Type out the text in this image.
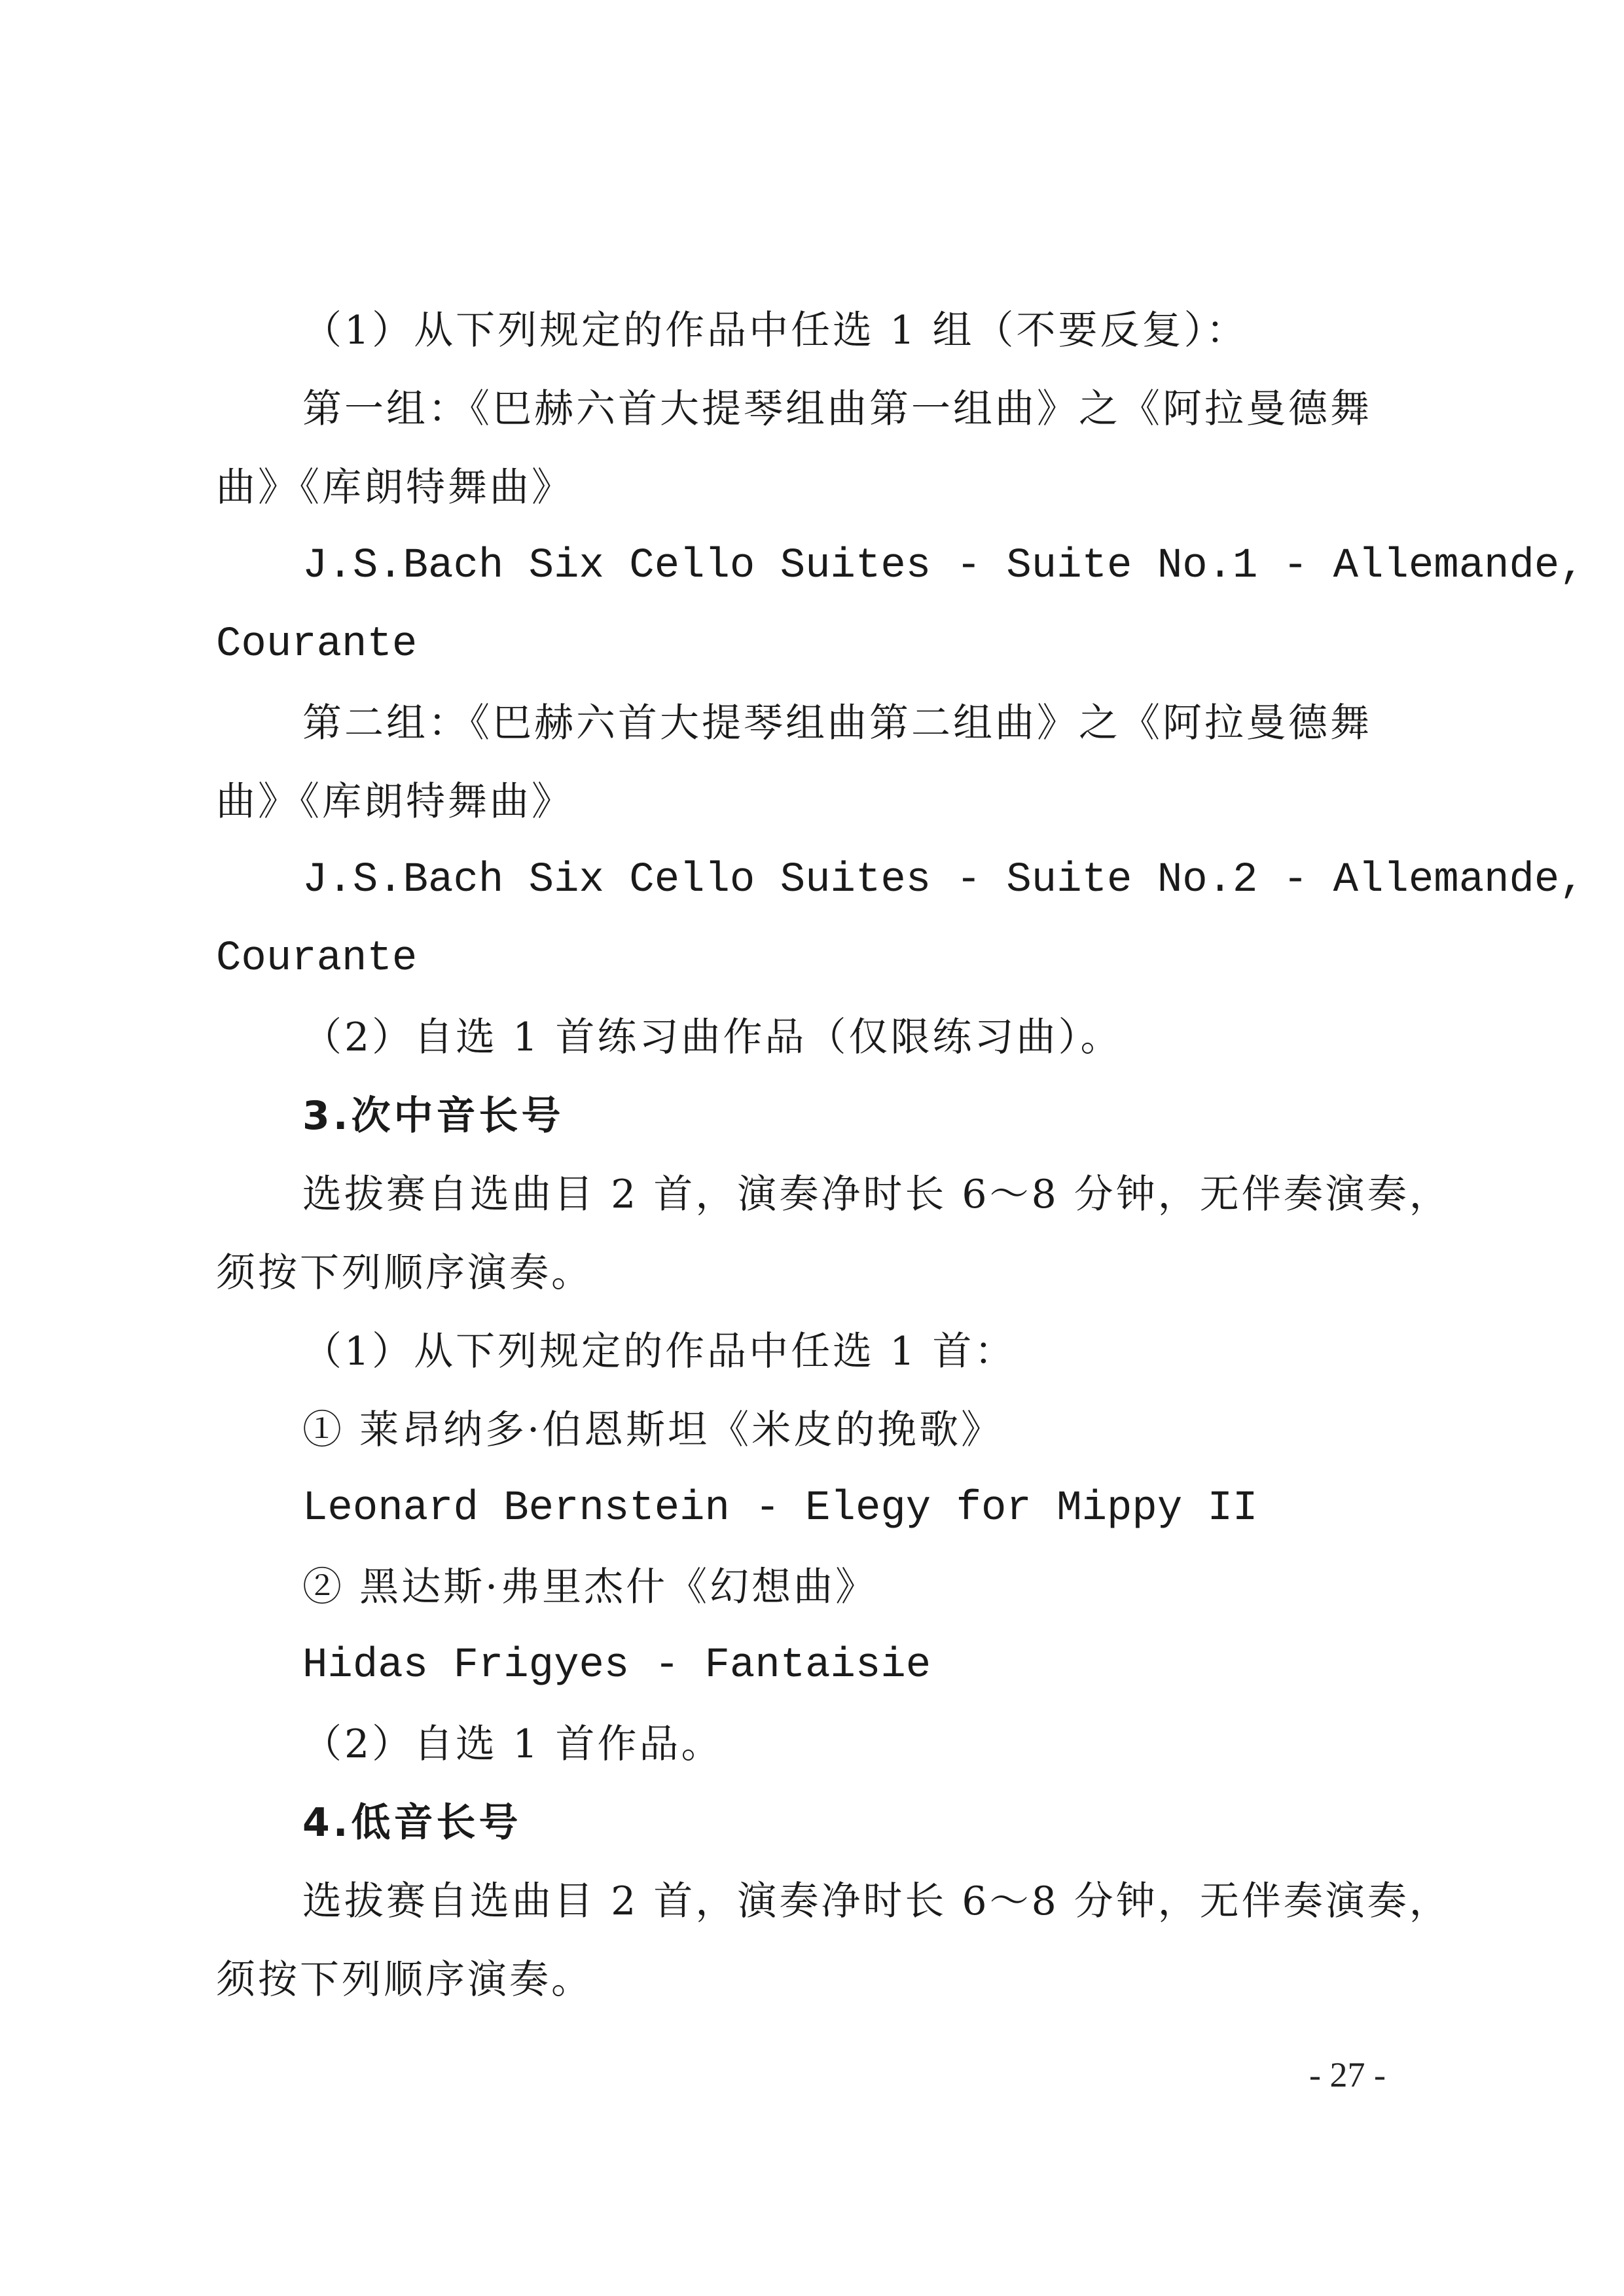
（1）从下列规定的作品中任选 1 组（不要反复）：
第一组：《巴赫六首大提琴组曲第一组曲》之《阿拉曼德舞
曲》《库朗特舞曲》
J.S.Bach Six Cello Suites - Suite No.1 - Allemande,
Courante
第二组：《巴赫六首大提琴组曲第二组曲》之《阿拉曼德舞
曲》《库朗特舞曲》
J.S.Bach Six Cello Suites - Suite No.2 - Allemande,
Courante
（2）自选 1 首练习曲作品（仅限练习曲）。
3.次中音长号
选拔赛自选曲目 2 首，演奏净时长 6～8 分钟，无伴奏演奏，
须按下列顺序演奏。
（1）从下列规定的作品中任选 1 首：
① 莱昂纳多·伯恩斯坦《米皮的挽歌》
Leonard Bernstein - Elegy for Mippy II
② 黑达斯·弗里杰什《幻想曲》
Hidas Frigyes - Fantaisie
（2）自选 1 首作品。
4.低音长号
选拔赛自选曲目 2 首，演奏净时长 6～8 分钟，无伴奏演奏，
须按下列顺序演奏。
- 27 -
